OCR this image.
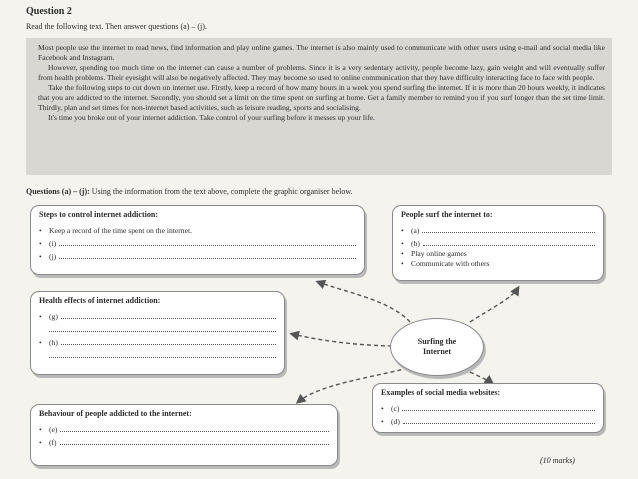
Question 2
Read the following text. Then answer questions (a) – (j).

Most people use the internet to read news, find information and play online games. The internet is also mainly used to communicate with other users using e-mail and social media like Facebook and Instagram.

However, spending too much time on the internet can cause a number of problems. Since it is a very sedentary activity, people become lazy, gain weight and will eventually suffer from health problems. Their eyesight will also be negatively affected. They may become so used to online communication that they have difficulty interacting face to face with people.

Take the following steps to cut down on internet use. Firstly, keep a record of how many hours in a week you spend surfing the internet. If it is more than 20 hours weekly, it indicates that you are addicted to the internet. Secondly, you should set a limit on the time spent on surfing at home. Get a family member to remind you if you surf longer than the set time limit. Thirdly, plan and set times for non-internet based activities, such as leisure reading, sports and socialising.

It's time you broke out of your internet addiction. Take control of your surfing before it messes up your life.

Questions (a) – (j): Using the information from the text above, complete the graphic organiser below.
Steps to control internet addiction:
• Keep a record of the time spent on the internet.
• (i)
• (j)
People surf the internet to:
• (a)
• (b)
• Play online games
• Communicate with others
Health effects of internet addiction:
• (g)
• (h)	Surfing the Internet
Examples of social media websites:
• (c)
• (d)
Behaviour of people addicted to the internet:
• (e)
• (f)
(10 marks)
